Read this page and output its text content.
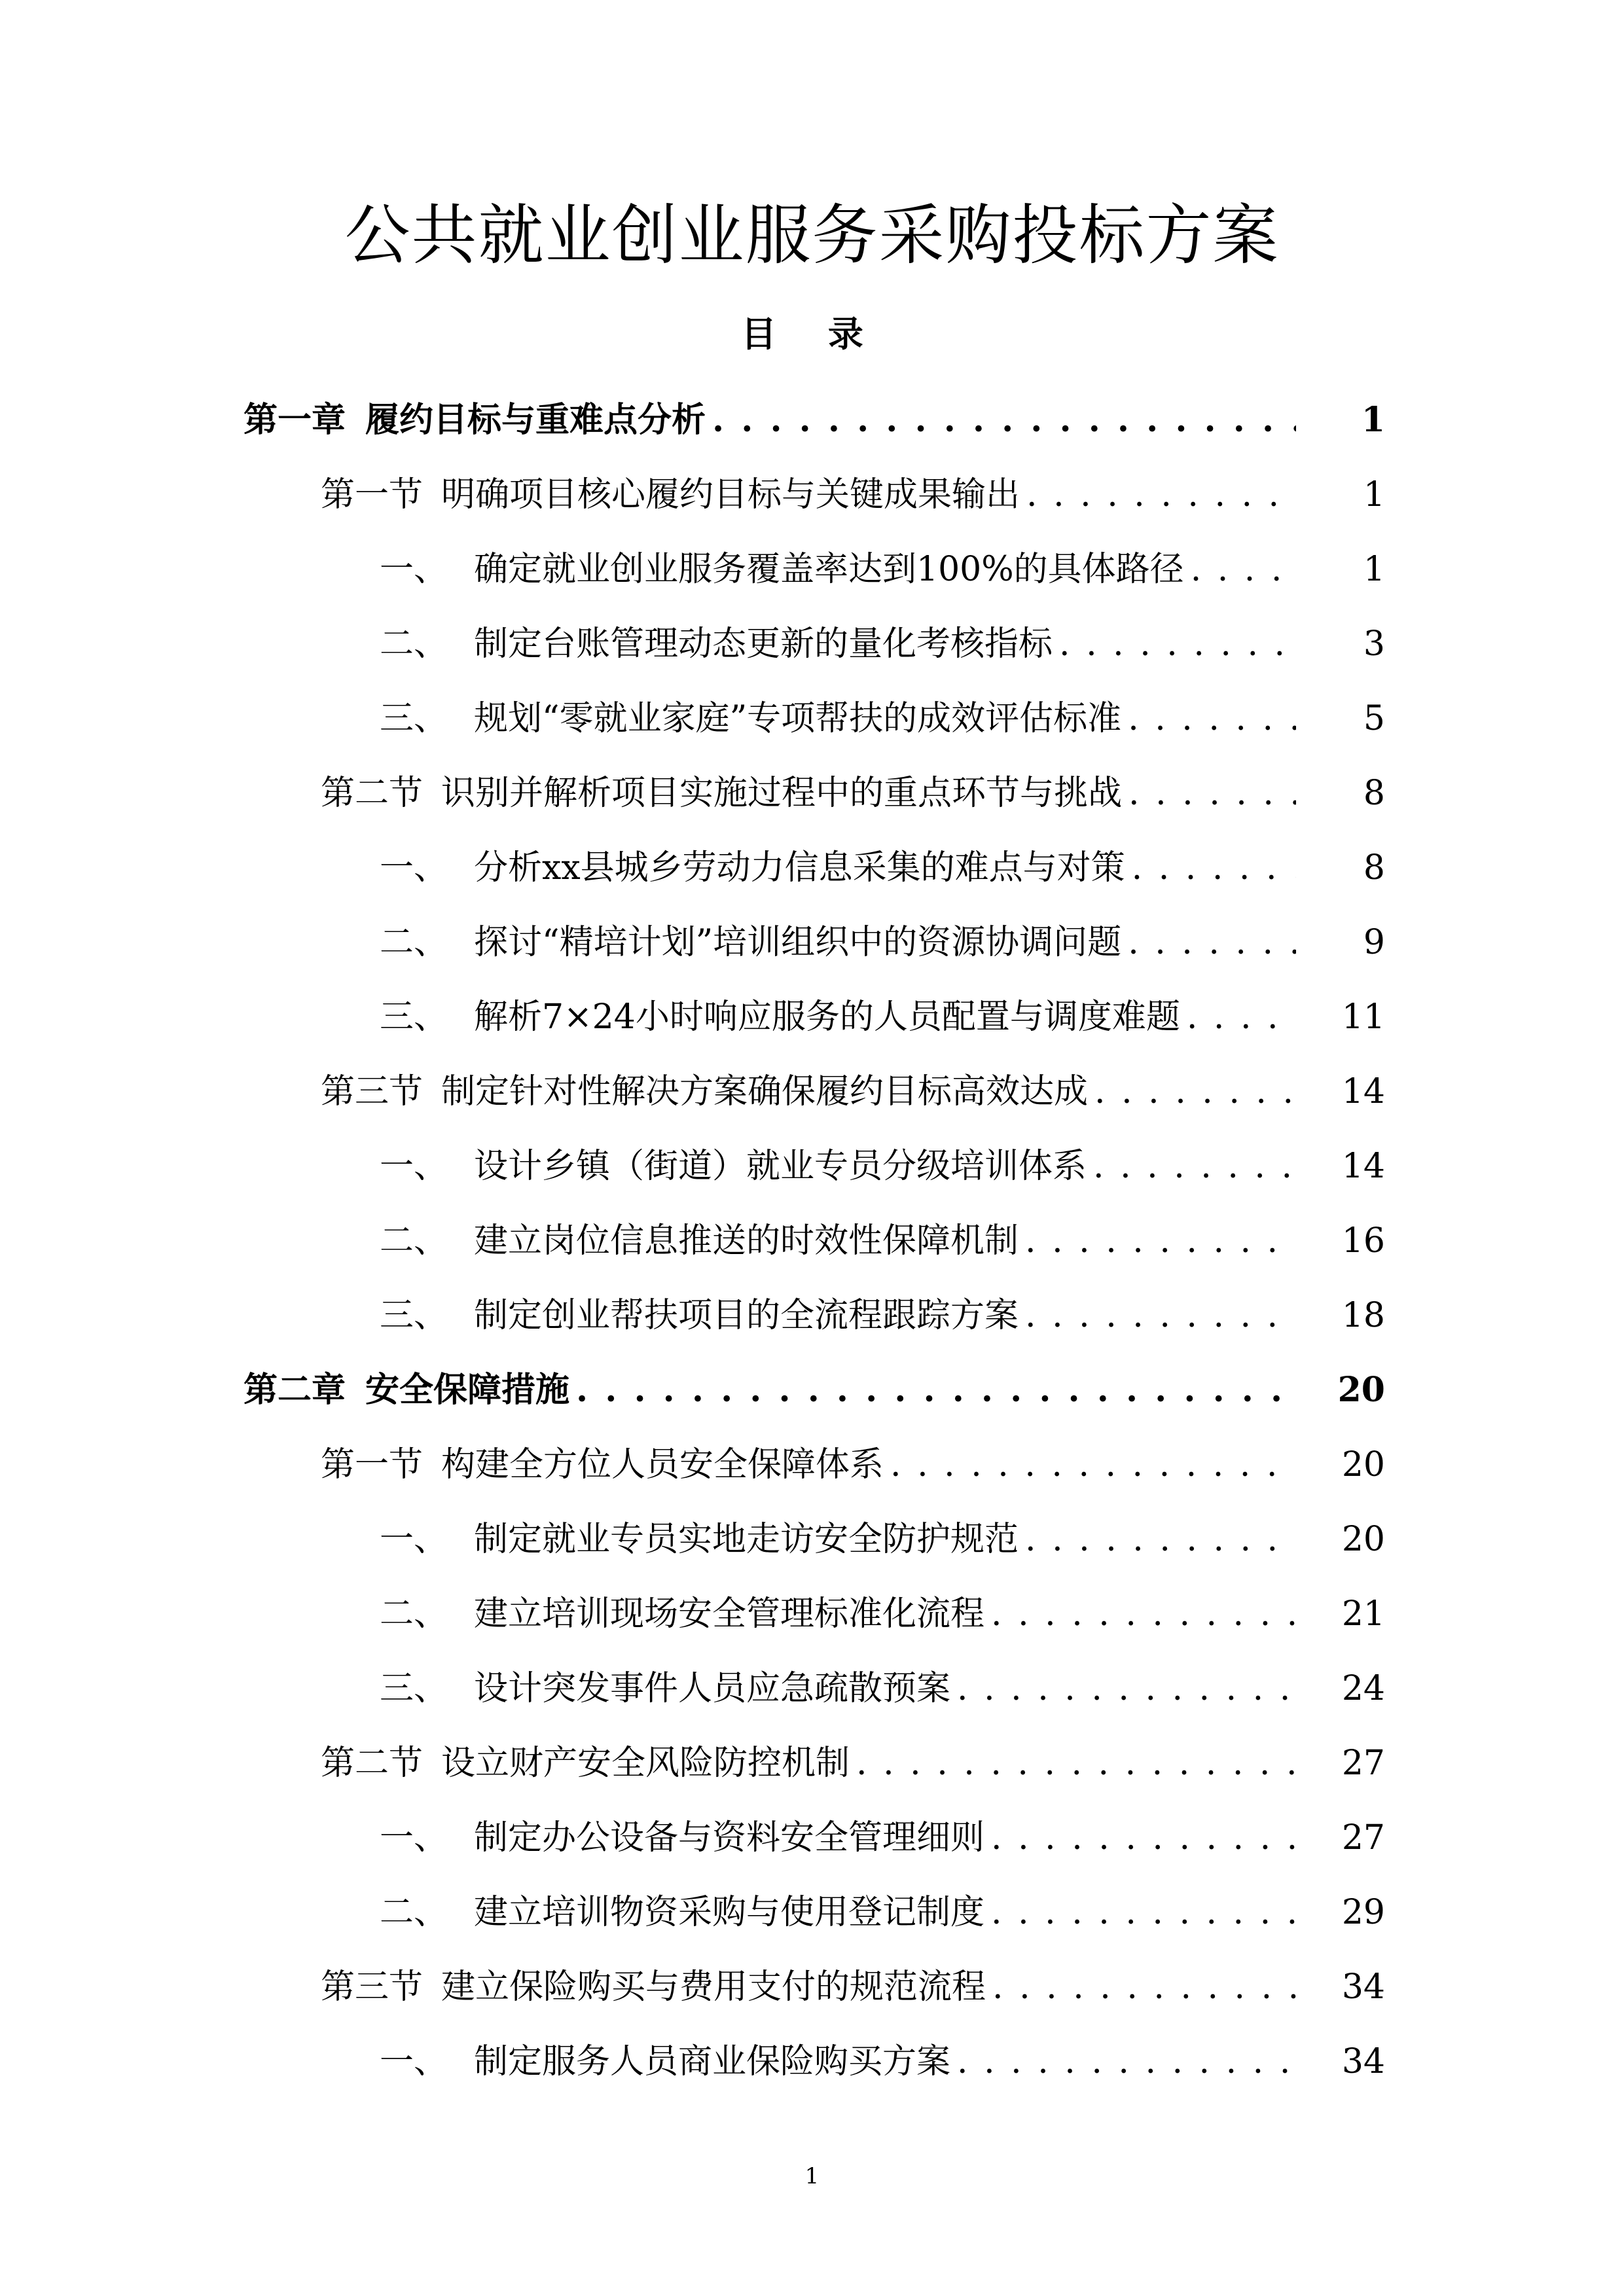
公共就业创业服务采购投标方案
目 录
第一章 履约目标与重难点分析 . . .	1
第一节 明确项目核心履约目标与关键成果输出 . . .	1
一、 确定就业创业服务覆盖率达到100%的具体路径 . . .	1
二、 制定台账管理动态更新的量化考核指标 . . .	3
三、 规划“零就业家庭”专项帮扶的成效评估标准 . . .	5
第二节 识别并解析项目实施过程中的重点环节与挑战 . . .	8
一、 分析xx县城乡劳动力信息采集的难点与对策 . . .	8
二、 探讨“精培计划”培训组织中的资源协调问题 . . .	9
三、 解析7×24小时响应服务的人员配置与调度难题 . . .	11
第三节 制定针对性解决方案确保履约目标高效达成 . . .	14
一、 设计乡镇（街道）就业专员分级培训体系 . . .	14
二、 建立岗位信息推送的时效性保障机制 . . .	16
三、 制定创业帮扶项目的全流程跟踪方案 . . .	18
第二章 安全保障措施 . . .	20
第一节 构建全方位人员安全保障体系 . . .	20
一、 制定就业专员实地走访安全防护规范 . . .	20
二、 建立培训现场安全管理标准化流程 . . .	21
三、 设计突发事件人员应急疏散预案 . . .	24
第二节 设立财产安全风险防控机制 . . .	27
一、 制定办公设备与资料安全管理细则 . . .	27
二、 建立培训物资采购与使用登记制度 . . .	29
第三节 建立保险购买与费用支付的规范流程 . . .	34
一、 制定服务人员商业保险购买方案 . . .	34
1
